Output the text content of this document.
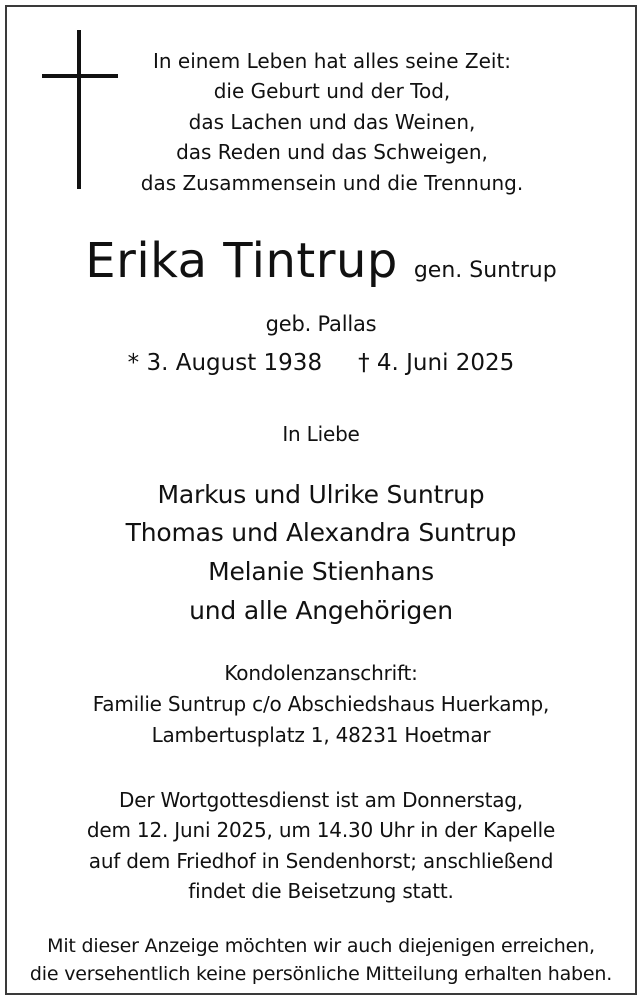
In einem Leben hat alles seine Zeit:
die Geburt und der Tod,
das Lachen und das Weinen,
das Reden und das Schweigen,
das Zusammensein und die Trennung.
Erika Tintrup gen. Suntrup
geb. Pallas
* 3. August 1938 † 4. Juni 2025
In Liebe
Markus und Ulrike Suntrup
Thomas und Alexandra Suntrup
Melanie Stienhans
und alle Angehörigen
Kondolenzanschrift:
Familie Suntrup c/o Abschiedshaus Huerkamp,
Lambertusplatz 1, 48231 Hoetmar
Der Wortgottesdienst ist am Donnerstag,
dem 12. Juni 2025, um 14.30 Uhr in der Kapelle
auf dem Friedhof in Sendenhorst; anschließend
findet die Beisetzung statt.
Mit dieser Anzeige möchten wir auch diejenigen erreichen,
die versehentlich keine persönliche Mitteilung erhalten haben.
